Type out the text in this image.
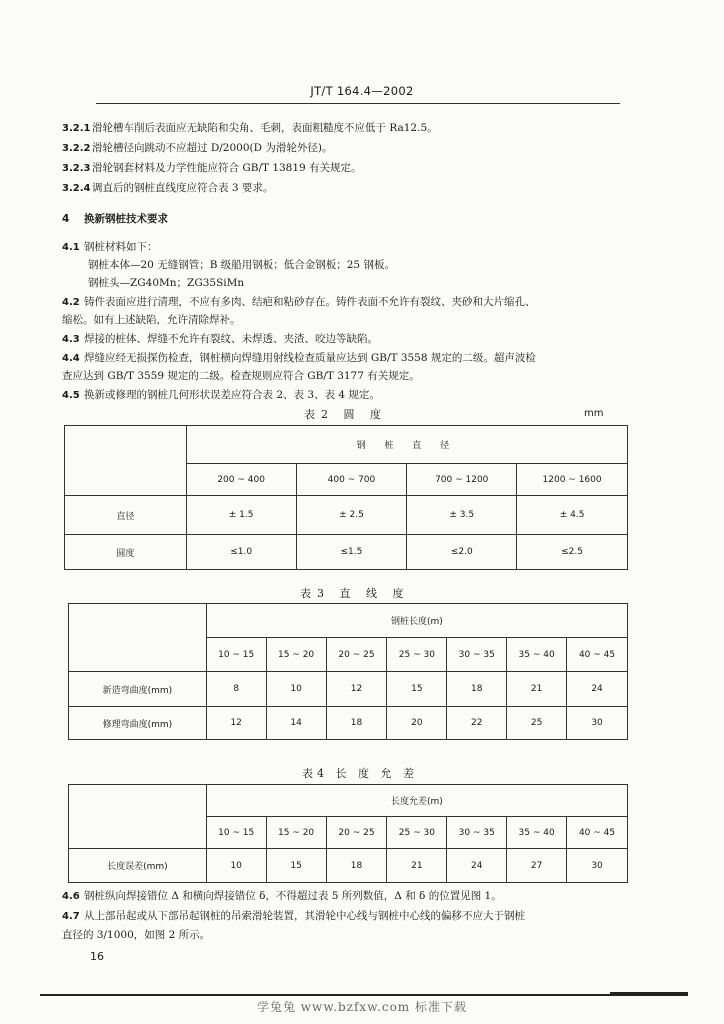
JT/T 164.4—2002
3.2.1 滑轮槽车削后表面应无缺陷和尖角、毛刺，表面粗糙度不应低于 Ra12.5。
3.2.2 滑轮槽径向跳动不应超过 D/2000(D 为滑轮外径)。
3.2.3 滑轮钢套材料及力学性能应符合 GB/T 13819 有关规定。
3.2.4 调直后的钢桩直线度应符合表 3 要求。
4 换新钢桩技术要求
4.1 钢桩材料如下：
钢桩本体—20 无缝钢管；B 级船用钢板；低合金钢板；25 钢板。
钢桩头—ZG40Mn；ZG35SiMn
4.2 铸件表面应进行清理，不应有多肉、结疤和粘砂存在。铸件表面不允许有裂纹、夹砂和大片缩孔、
缩松。如有上述缺陷，允许清除焊补。
4.3 焊接的桩体、焊缝不允许有裂纹、未焊透、夹渣、咬边等缺陷。
4.4 焊缝应经无损探伤检查，钢桩横向焊缝用射线检查质量应达到 GB/T 3558 规定的二级。超声波检
查应达到 GB/T 3559 规定的二级。检查规则应符合 GB/T 3177 有关规定。
4.5 换新或修理的钢桩几何形状误差应符合表 2、表 3、表 4 规定。
表2 圆 度	mm
	钢 桩 直 径			
	200 ~ 400	400 ~ 700	700 ~ 1200	1200 ~ 1600
直径	± 1.5	± 2.5	± 3.5	± 4.5
圆度	≤1.0	≤1.5	≤2.0	≤2.5
表3 直 线 度
	钢桩长度(m)						
	10 ~ 15	15 ~ 20	20 ~ 25	25 ~ 30	30 ~ 35	35 ~ 40	40 ~ 45
新造弯曲度(mm)	8	10	12	15	18	21	24
修理弯曲度(mm)	12	14	18	20	22	25	30
表4 长 度 允 差
	长度允差(m)						
	10 ~ 15	15 ~ 20	20 ~ 25	25 ~ 30	30 ~ 35	35 ~ 40	40 ~ 45
长度误差(mm)	10	15	18	21	24	27	30
4.6 钢桩纵向焊接错位 Δ 和横向焊接错位 δ，不得超过表 5 所列数值，Δ 和 δ 的位置见图 1。
4.7 从上部吊起或从下部吊起钢桩的吊索滑轮装置，其滑轮中心线与钢桩中心线的偏移不应大于钢桩
直径的 3/1000，如图 2 所示。
16
学兔兔 www.bzfxw.com 标准下载
